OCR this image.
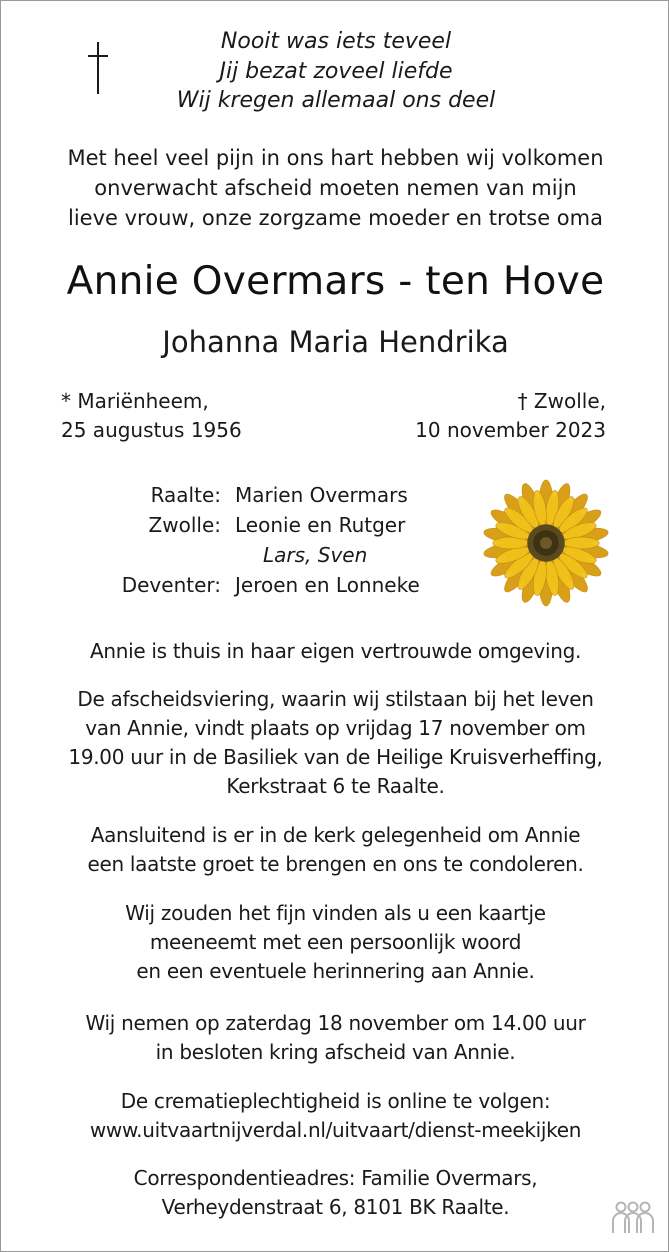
Nooit was iets teveel
Jij bezat zoveel liefde
Wij kregen allemaal ons deel
Met heel veel pijn in ons hart hebben wij volkomen
onverwacht afscheid moeten nemen van mijn
lieve vrouw, onze zorgzame moeder en trotse oma
Annie Overmars - ten Hove
Johanna Maria Hendrika
* Mariënheem,
25 augustus 1956
† Zwolle,
10 november 2023
Raalte: Marien Overmars
Zwolle: Leonie en Rutger
Lars, Sven
Deventer: Jeroen en Lonneke
Annie is thuis in haar eigen vertrouwde omgeving.
De afscheidsviering, waarin wij stilstaan bij het leven
van Annie, vindt plaats op vrijdag 17 november om
19.00 uur in de Basiliek van de Heilige Kruisverheffing,
Kerkstraat 6 te Raalte.
Aansluitend is er in de kerk gelegenheid om Annie
een laatste groet te brengen en ons te condoleren.
Wij zouden het fijn vinden als u een kaartje
meeneemt met een persoonlijk woord
en een eventuele herinnering aan Annie.
Wij nemen op zaterdag 18 november om 14.00 uur
in besloten kring afscheid van Annie.
De crematieplechtigheid is online te volgen:
www.uitvaartnijverdal.nl/uitvaart/dienst-meekijken
Correspondentieadres: Familie Overmars,
Verheydenstraat 6, 8101 BK Raalte.
